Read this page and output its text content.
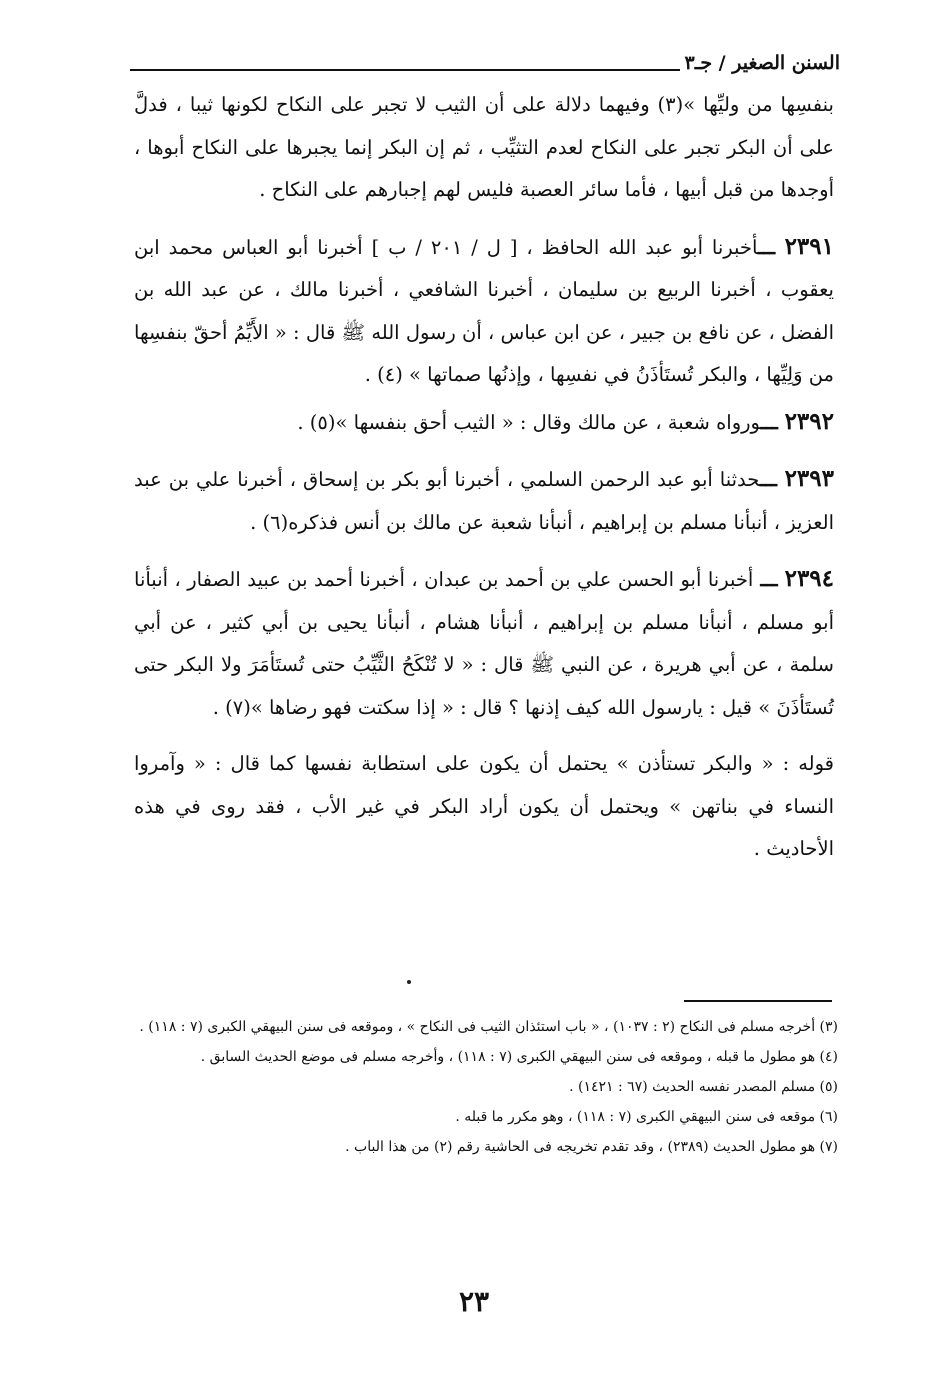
السنن الصغير / جـ٣

بنفسِها من وليِّها »(٣) وفيهما دلالة على أن الثيب لا تجبر على النكاح لكونها ثيبا ، فدلَّ على أن البكر تجبر على النكاح لعدم التثيِّب ، ثم إن البكر إنما يجبرها على النكاح أبوها ، أوجدها من قبل أبيها ، فأما سائر العصبة فليس لهم إجبارهم على النكاح .

٢٣٩١ ـــأخبرنا أبو عبد الله الحافظ ، [ ل / ٢٠١ / ب ] أخبرنا أبو العباس محمد ابن يعقوب ، أخبرنا الربيع بن سليمان ، أخبرنا الشافعي ، أخبرنا مالك ، عن عبد الله بن الفضل ، عن نافع بن جبير ، عن ابن عباس ، أن رسول الله ﷺ قال : « الأَيِّمُ أحقّ بنفسِها من وَلِيِّها ، والبكر تُستَأذَنُ في نفسِها ، وإذنُها صماتها » (٤) .

٢٣٩٢ ـــورواه شعبة ، عن مالك وقال : « الثيب أحق بنفسها »(٥) .

٢٣٩٣ ـــحدثنا أبو عبد الرحمن السلمي ، أخبرنا أبو بكر بن إسحاق ، أخبرنا علي بن عبد العزيز ، أنبأنا مسلم بن إبراهيم ، أنبأنا شعبة عن مالك بن أنس فذكره(٦) .

٢٣٩٤ ـــ أخبرنا أبو الحسن علي بن أحمد بن عبدان ، أخبرنا أحمد بن عبيد الصفار ، أنبأنا أبو مسلم ، أنبأنا مسلم بن إبراهيم ، أنبأنا هشام ، أنبأنا يحيى بن أبي كثير ، عن أبي سلمة ، عن أبي هريرة ، عن النبي ﷺ قال : « لا تُنْكَحُ الثَّيِّبُ حتى تُستَأمَرَ ولا البكر حتى تُستَأذَنَ » قيل : يارسول الله كيف إذنها ؟ قال : « إذا سكتت فهو رضاها »(٧) .

قوله : « والبكر تستأذن » يحتمل أن يكون على استطابة نفسها كما قال : « وآمروا النساء في بناتهن » ويحتمل أن يكون أراد البكر في غير الأب ، فقد روى في هذه الأحاديث .

(٣) أخرجه مسلم فى النكاح (٢ : ١٠٣٧) ، « باب استئذان الثيب فى النكاح » ، وموقعه فى سنن البيهقي الكبرى (٧ : ١١٨) .

(٤) هو مطول ما قبله ، وموقعه فى سنن البيهقي الكبرى (٧ : ١١٨) ، وأخرجه مسلم فى موضع الحديث السابق .

(٥) مسلم المصدر نفسه الحديث (٦٧ : ١٤٢١) .

(٦) موقعه فى سنن البيهقي الكبرى (٧ : ١١٨) ، وهو مكرر ما قبله .

(٧) هو مطول الحديث (٢٣٨٩) ، وقد تقدم تخريجه فى الحاشية رقم (٢) من هذا الباب .

٢٣
